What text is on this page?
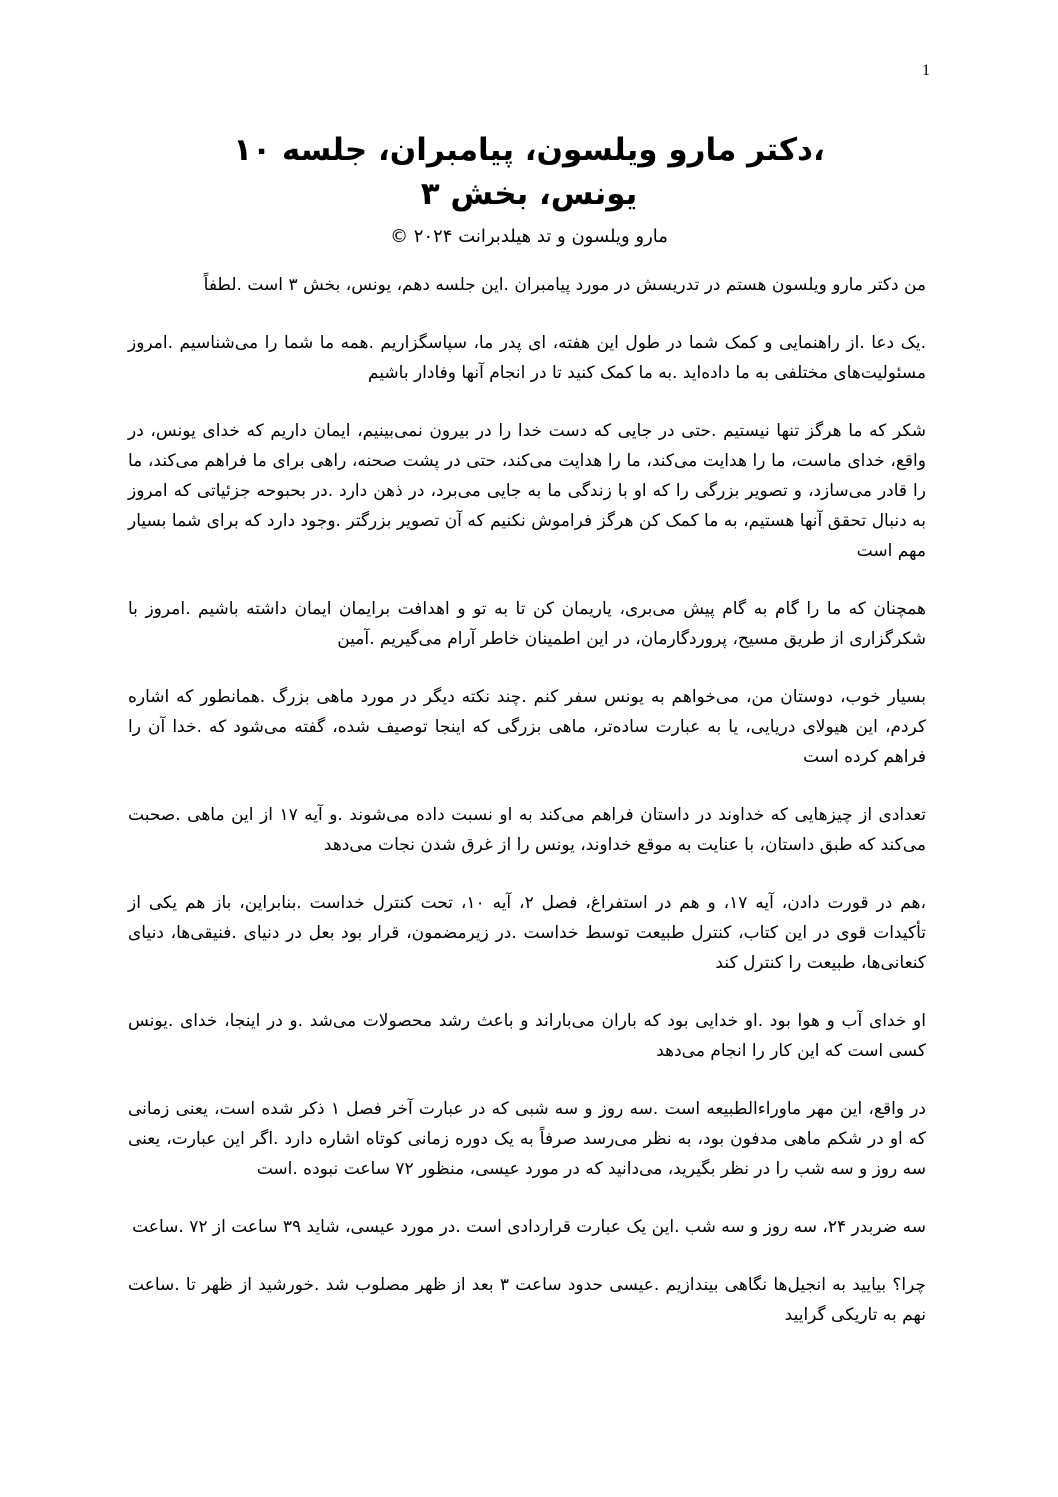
1
،دکتر مارو ویلسون، پیامبران، جلسه ۱۰
یونس، بخش ۳
مارو ویلسون و تد هیلدبرانت ۲۰۲۴ ©

من دکتر مارو ویلسون هستم در تدریسش در مورد پیامبران .این جلسه دهم، یونس، بخش ۳ است .لطفاً

.یک دعا .از راهنمایی و کمک شما در طول این هفته، ای پدر ما، سپاسگزاریم .همه ما شما را می‌شناسیم .امروز مسئولیت‌های مختلفی به ما داده‌اید .به ما کمک کنید تا در انجام آنها وفادار باشیم

شکر که ما هرگز تنها نیستیم .حتی در جایی که دست خدا را در بیرون نمی‌بینیم، ایمان داریم که خدای یونس، در واقع، خدای ماست، ما را هدایت می‌کند، ما را هدایت می‌کند، حتی در پشت صحنه، راهی برای ما فراهم می‌کند، ما را قادر می‌سازد، و تصویر بزرگی را که او با زندگی ما به جایی می‌برد، در ذهن دارد .در بحبوحه جزئیاتی که امروز به دنبال تحقق آنها هستیم، به ما کمک کن هرگز فراموش نکنیم که آن تصویر بزرگتر .وجود دارد که برای شما بسیار مهم است

همچنان که ما را گام به گام پیش می‌بری، یاریمان کن تا به تو و اهدافت برایمان ایمان داشته باشیم .امروز با شکرگزاری از طریق مسیح، پروردگارمان، در این اطمینان خاطر آرام می‌گیریم .آمین

بسیار خوب، دوستان من، می‌خواهم به یونس سفر کنم .چند نکته دیگر در مورد ماهی بزرگ .همانطور که اشاره کردم، این هیولای دریایی، یا به عبارت ساده‌تر، ماهی بزرگی که اینجا توصیف شده، گفته می‌شود که .خدا آن را فراهم کرده است

تعدادی از چیزهایی که خداوند در داستان فراهم می‌کند به او نسبت داده می‌شوند .و آیه ۱۷ از این ماهی .صحبت می‌کند که طبق داستان، با عنایت به موقع خداوند، یونس را از غرق شدن نجات می‌دهد

،هم در قورت دادن، آیه ۱۷، و هم در استفراغ، فصل ۲، آیه ۱۰، تحت کنترل خداست .بنابراین، باز هم یکی از تأکیدات قوی در این کتاب، کنترل طبیعت توسط خداست .در زیرمضمون، قرار بود بعل در دنیای .فنیقی‌ها، دنیای کنعانی‌ها، طبیعت را کنترل کند

او خدای آب و هوا بود .او خدایی بود که باران می‌باراند و باعث رشد محصولات می‌شد .و در اینجا، خدای .یونس کسی است که این کار را انجام می‌دهد

در واقع، این مهر ماوراءالطبیعه است .سه روز و سه شبی که در عبارت آخر فصل ۱ ذکر شده است، یعنی زمانی که او در شکم ماهی مدفون بود، به نظر می‌رسد صرفاً به یک دوره زمانی کوتاه اشاره دارد .اگر این عبارت، یعنی سه روز و سه شب را در نظر بگیرید، می‌دانید که در مورد عیسی، منظور ۷۲ ساعت نبوده .است

سه ضربدر ۲۴، سه روز و سه شب .این یک عبارت قراردادی است .در مورد عیسی، شاید ۳۹ ساعت از ۷۲ .ساعت

چرا؟ بیایید به انجیل‌ها نگاهی بیندازیم .عیسی حدود ساعت ۳ بعد از ظهر مصلوب شد .خورشید از ظهر تا .ساعت نهم به تاریکی گرایید
